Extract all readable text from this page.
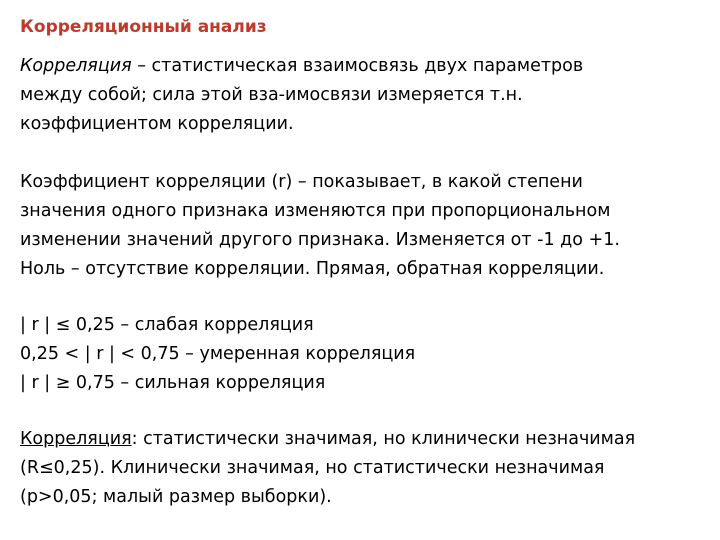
Корреляционный анализ

Корреляция – статистическая взаимосвязь двух параметров
между собой; сила этой вза-имосвязи измеряется т.н.
коэффициентом корреляции.

Коэффициент корреляции (r) – показывает, в какой степени
значения одного признака изменяются при пропорциональном
изменении значений другого признака. Изменяется от -1 до +1.
Ноль – отсутствие корреляции. Прямая, обратная корреляции.

| r | ≤ 0,25 – слабая корреляция
0,25 < | r | < 0,75 – умеренная корреляция
| r | ≥ 0,75 – сильная корреляция

Корреляция: статистически значимая, но клинически незначимая
(R≤0,25). Клинически значимая, но статистически незначимая
(p>0,05; малый размер выборки).
